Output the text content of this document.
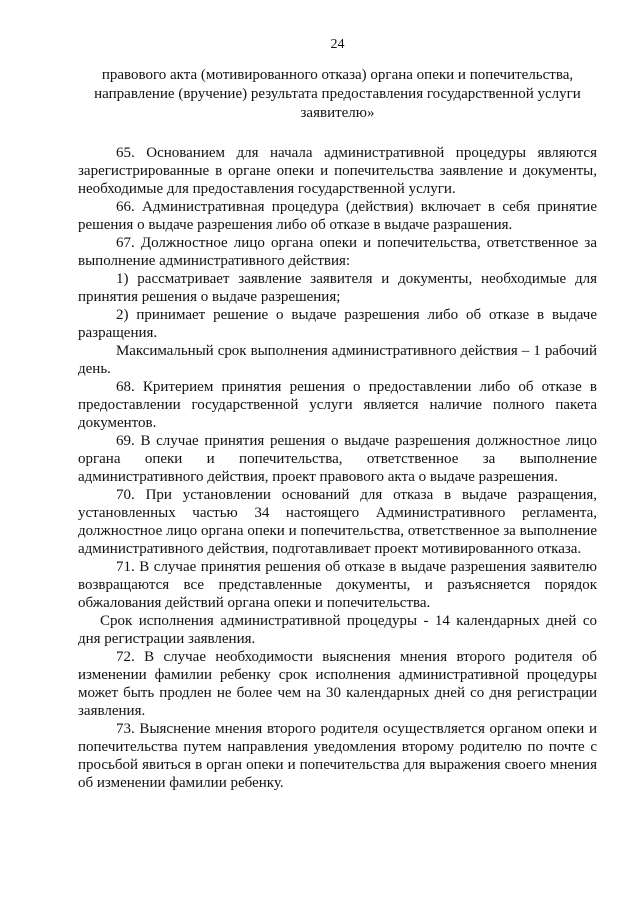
24
правового акта (мотивированного отказа) органа опеки и попечительства,
направление (вручение) результата предоставления государственной услуги
заявителю»
65. Основанием для начала административной процедуры являются
зарегистрированные в органе опеки и попечительства заявление и документы,
необходимые для предоставления государственной услуги.
66. Административная процедура (действия) включает в себя принятие
решения о выдаче разрешения либо об отказе в выдаче разрашения.
67. Должностное лицо органа опеки и попечительства, ответственное за
выполнение административного действия:
1) рассматривает заявление заявителя и документы, необходимые для
принятия решения о выдаче разрешения;
2) принимает решение о выдаче разрешения либо об отказе в выдаче
разращения.
Максимальный срок выполнения административного действия – 1 рабочий
день.
68. Критерием принятия решения о предоставлении либо об отказе в
предоставлении государственной услуги является наличие полного пакета
документов.
69. В случае принятия решения о выдаче разрешения должностное лицо
органа опеки и попечительства, ответственное за выполнение
административного действия, проект правового акта о выдаче разрешения.
70. При установлении оснований для отказа в выдаче разращения,
установленных частью 34 настоящего Административного регламента,
должностное лицо органа опеки и попечительства, ответственное за выполнение
административного действия, подготавливает проект мотивированного отказа.
71. В случае принятия решения об отказе в выдаче разрешения заявителю
возвращаются все представленные документы, и разъясняется порядок
обжалования действий органа опеки и попечительства.
Срок исполнения административной процедуры - 14 календарных дней со
дня регистрации заявления.
72. В случае необходимости выяснения мнения второго родителя об
изменении фамилии ребенку срок исполнения административной процедуры
может быть продлен не более чем на 30 календарных дней со дня регистрации
заявления.
73. Выяснение мнения второго родителя осуществляется органом опеки и
попечительства путем направления уведомления второму родителю по почте с
просьбой явиться в орган опеки и попечительства для выражения своего мнения
об изменении фамилии ребенку.
